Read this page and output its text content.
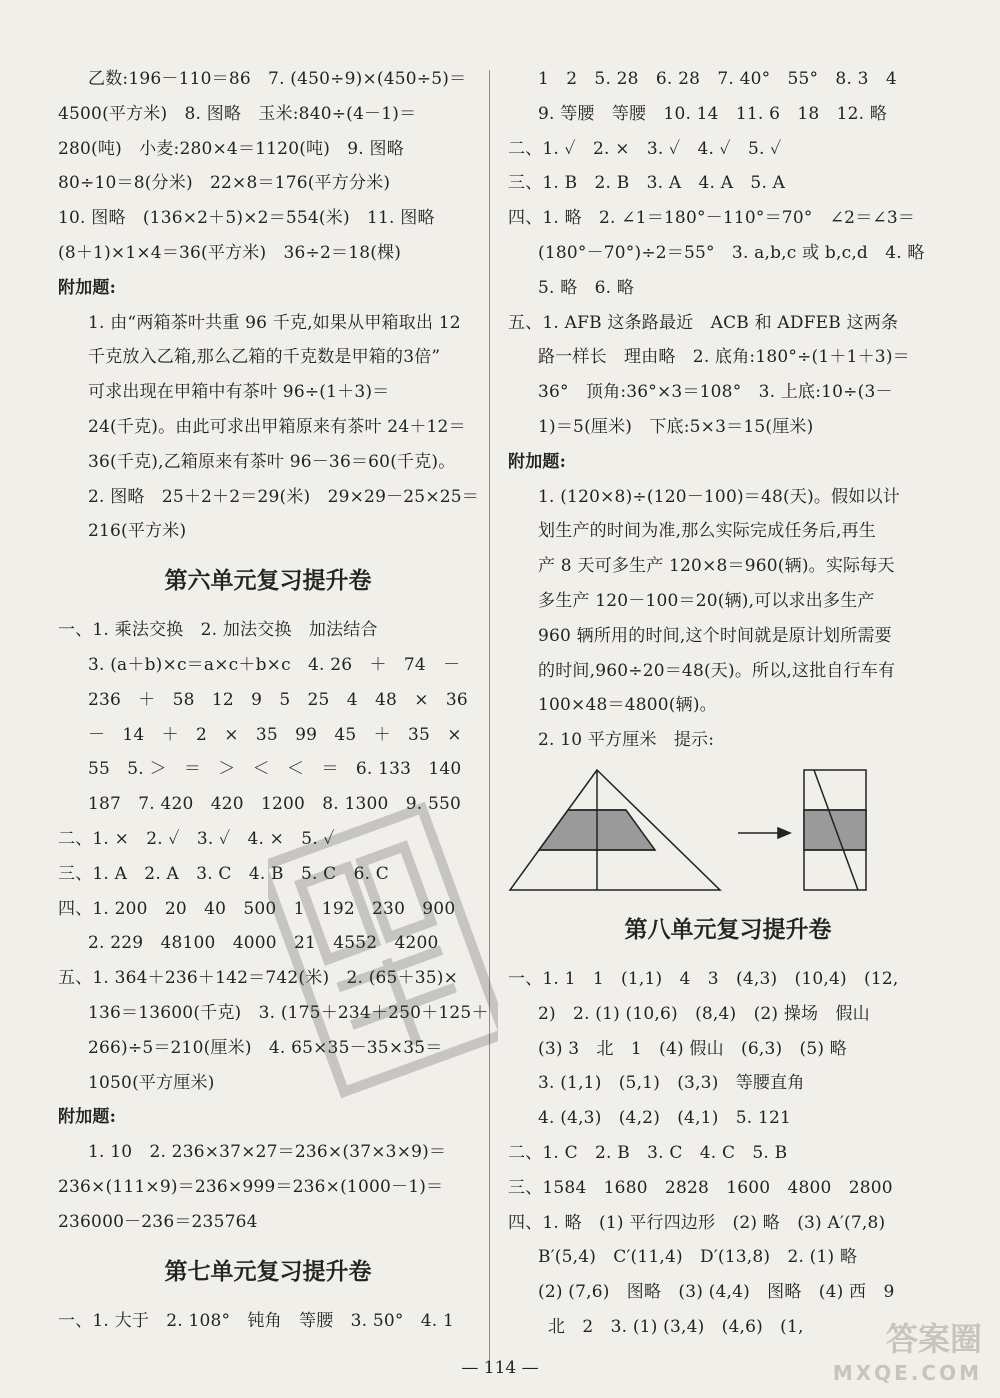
乙数:196－110＝86　7. (450÷9)×(450÷5)＝
4500(平方米)　8. 图略　玉米:840÷(4－1)＝
280(吨)　小麦:280×4＝1120(吨)　9. 图略
80÷10＝8(分米)　22×8＝176(平方分米)
10. 图略　(136×2＋5)×2＝554(米)　11. 图略
(8＋1)×1×4＝36(平方米)　36÷2＝18(棵)
附加题:
1. 由“两箱茶叶共重 96 千克,如果从甲箱取出 12
千克放入乙箱,那么乙箱的千克数是甲箱的3倍”
可求出现在甲箱中有茶叶 96÷(1＋3)＝
24(千克)。由此可求出甲箱原来有茶叶 24＋12＝
36(千克),乙箱原来有茶叶 96－36＝60(千克)。
2. 图略　25＋2＋2＝29(米)　29×29－25×25＝
216(平方米)
第六单元复习提升卷
一、1. 乘法交换　2. 加法交换　加法结合
3. (a＋b)×c＝a×c＋b×c　4. 26　＋　74　－
236　＋　58　12　9　5　25　4　48　×　36
－　14　＋　2　×　35　99　45　＋　35　×
55　5. ＞　＝　＞　＜　＜　＝　6. 133　140
187　7. 420　420　1200　8. 1300　9. 550
二、1. ×　2. ✓　3. ✓　4. ×　5. ✓
三、1. A　2. A　3. C　4. B　5. C　6. C
四、1. 200　20　40　500　1　192　230　900
2. 229　48100　4000　21　4552　4200
五、1. 364＋236＋142＝742(米)　2. (65＋35)×
136＝13600(千克)　3. (175＋234＋250＋125＋
266)÷5＝210(厘米)　4. 65×35－35×35＝
1050(平方厘米)
附加题:
1. 10　2. 236×37×27＝236×(37×3×9)＝
236×(111×9)＝236×999＝236×(1000－1)＝
236000－236＝235764
第七单元复习提升卷
一、1. 大于　2. 108°　钝角　等腰　3. 50°　4. 1
1　2　5. 28　6. 28　7. 40°　55°　8. 3　4
9. 等腰　等腰　10. 14　11. 6　18　12. 略
二、1. ✓　2. ×　3. ✓　4. ✓　5. ✓
三、1. B　2. B　3. A　4. A　5. A
四、1. 略　2. ∠1＝180°－110°＝70°　∠2＝∠3＝
(180°－70°)÷2＝55°　3. a,b,c 或 b,c,d　4. 略
5. 略　6. 略
五、1. AFB 这条路最近　ACB 和 ADFEB 这两条
路一样长　理由略　2. 底角:180°÷(1＋1＋3)＝
36°　顶角:36°×3＝108°　3. 上底:10÷(3－
1)＝5(厘米)　下底:5×3＝15(厘米)
附加题:
1. (120×8)÷(120－100)＝48(天)。假如以计
划生产的时间为准,那么实际完成任务后,再生
产 8 天可多生产 120×8＝960(辆)。实际每天
多生产 120－100＝20(辆),可以求出多生产
960 辆所用的时间,这个时间就是原计划所需要
的时间,960÷20＝48(天)。所以,这批自行车有
100×48＝4800(辆)。
2. 10 平方厘米　提示:
第八单元复习提升卷
一、1. 1　1　(1,1)　4　3　(4,3)　(10,4)　(12,
2)　2. (1) (10,6)　(8,4)　(2) 操场　假山
(3) 3　北　1　(4) 假山　(6,3)　(5) 略
3. (1,1)　(5,1)　(3,3)　等腰直角
4. (4,3)　(4,2)　(4,1)　5. 121
二、1. C　2. B　3. C　4. C　5. B
三、1584　1680　2828　1600　4800　2800
四、1. 略　(1) 平行四边形　(2) 略　(3) A′(7,8)
B′(5,4)　C′(11,4)　D′(13,8)　2. (1) 略
(2) (7,6)　图略　(3) (4,4)　图略　(4) 西　9
北　2　3. (1) (3,4)　(4,6)　(1,
— 114 —
答案圈
MXQE.COM
